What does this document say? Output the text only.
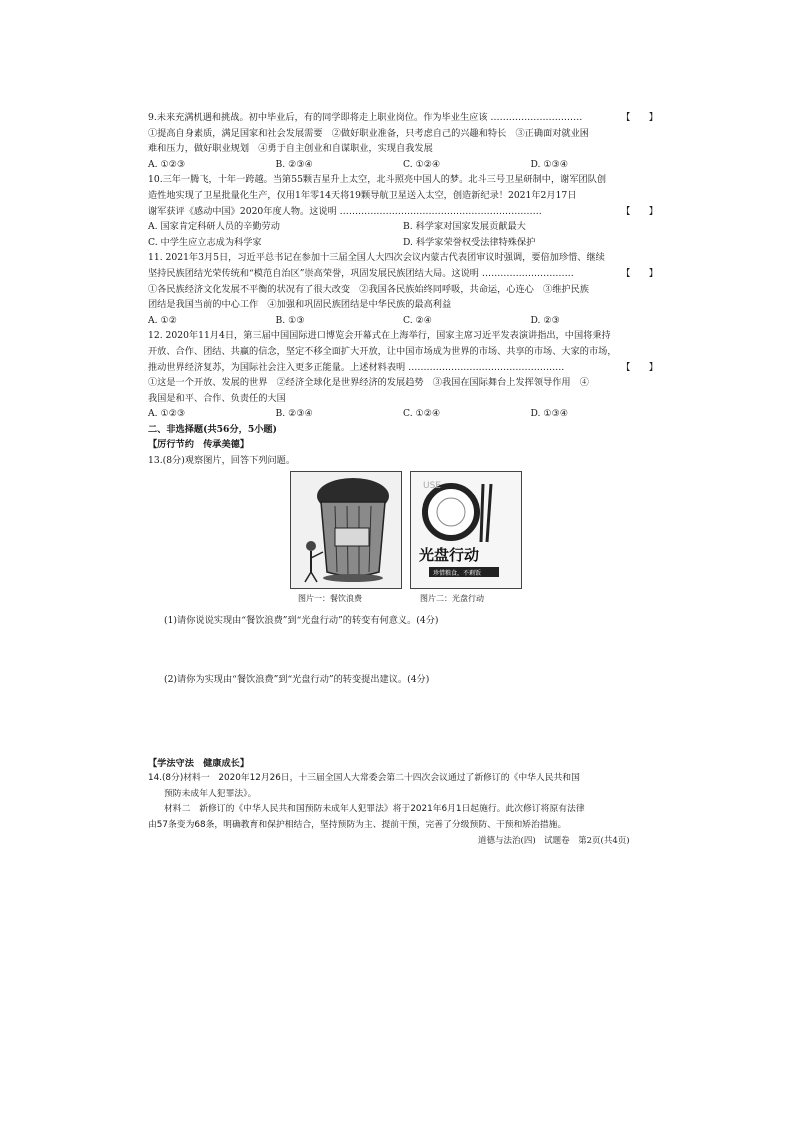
9.未来充满机遇和挑战。初中毕业后，有的同学即将走上职业岗位。作为毕业生应该 …………………………	【　　】
①提高自身素质，满足国家和社会发展需要　②做好职业准备，只考虑自己的兴趣和特长　③正确面对就业困
难和压力，做好职业规划　④勇于自主创业和自谋职业，实现自我发展
A. ①②③	B. ②③④	C. ①②④	D. ①③④
10.三年一腾飞，十年一跨越。当第55颗吉星升上太空，北斗照亮中国人的梦。北斗三号卫星研制中，谢军团队创
造性地实现了卫星批量化生产，仅用1年零14天将19颗导航卫星送入太空，创造新纪录！2021年2月17日
谢军获评《感动中国》2020年度人物。这说明 …………………………………………………………	【　　】
A. 国家肯定科研人员的辛勤劳动	B. 科学家对国家发展贡献最大
C. 中学生应立志成为科学家	D. 科学家荣誉权受法律特殊保护
11. 2021年3月5日，习近平总书记在参加十三届全国人大四次会议内蒙古代表团审议时强调，要倍加珍惜、继续
坚持民族团结光荣传统和“模范自治区”崇高荣誉，巩固发展民族团结大局。这说明 …………………………	【　　】
①各民族经济文化发展不平衡的状况有了很大改变　②我国各民族始终同呼吸，共命运，心连心　③维护民族
团结是我国当前的中心工作　④加强和巩固民族团结是中华民族的最高利益
A. ①②	B. ①③	C. ②④	D. ②③
12. 2020年11月4日，第三届中国国际进口博览会开幕式在上海举行，国家主席习近平发表演讲指出，中国将秉持
开放、合作、团结、共赢的信念，坚定不移全面扩大开放，让中国市场成为世界的市场、共享的市场、大家的市场，
推动世界经济复苏，为国际社会注入更多正能量。上述材料表明 ……………………………………………	【　　】
①这是一个开放、发展的世界　②经济全球化是世界经济的发展趋势　③我国在国际舞台上发挥领导作用　④
我国是和平、合作、负责任的大国
A. ①②③	B. ②③④	C. ①②④	D. ①③④
二、非选择题(共56分，5小题)
【厉行节约　传承美德】
13.(8分)观察图片，回答下列问题。
USE
光盘行动
珍惜粮食，不剩饭
图片一：餐饮浪费	图片二：光盘行动
(1)请你说说实现由“餐饮浪费”到“光盘行动”的转变有何意义。(4分)
(2)请你为实现由“餐饮浪费”到“光盘行动”的转变提出建议。(4分)
【学法守法　健康成长】
14.(8分)材料一　2020年12月26日，十三届全国人大常委会第二十四次会议通过了新修订的《中华人民共和国
预防未成年人犯罪法》。
材料二　新修订的《中华人民共和国预防未成年人犯罪法》将于2021年6月1日起施行。此次修订将原有法律
由57条变为68条，明确教育和保护相结合，坚持预防为主、提前干预，完善了分级预防、干预和矫治措施。
道德与法治(四)　试题卷　第2页(共4页)
